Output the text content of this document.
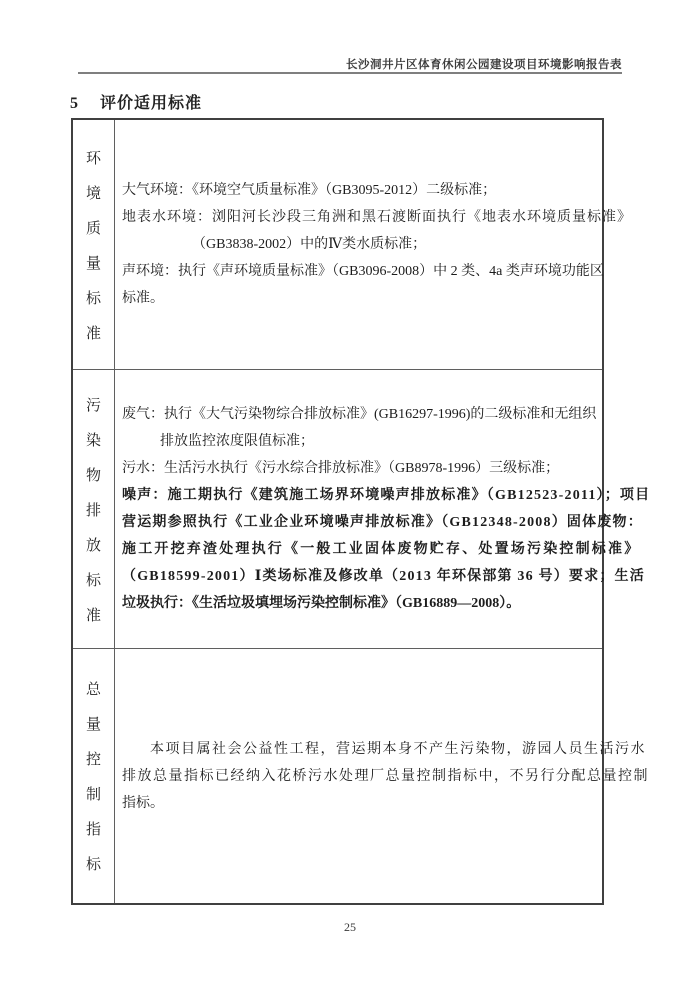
长沙洞井片区体育休闲公园建设项目环境影响报告表
5 评价适用标准
环
境
质
量
标
准
大气环境：《环境空气质量标准》（GB3095-2012）二级标准；
地表水环境：浏阳河长沙段三角洲和黑石渡断面执行《地表水环境质量标准》
（GB3838-2002）中的Ⅳ类水质标准；
声环境：执行《声环境质量标准》（GB3096-2008）中 2 类、4a 类声环境功能区
标准。
污
染
物
排
放
标
准
废气：执行《大气污染物综合排放标准》(GB16297-1996)的二级标准和无组织
排放监控浓度限值标准；
污水：生活污水执行《污水综合排放标准》（GB8978-1996）三级标准；
噪声：施工期执行《建筑施工场界环境噪声排放标准》（GB12523-2011）；项目
营运期参照执行《工业企业环境噪声排放标准》（GB12348-2008）固体废物：
施工开挖弃渣处理执行《一般工业固体废物贮存、处置场污染控制标准》
（GB18599-2001）Ⅰ类场标准及修改单（2013 年环保部第 36 号）要求；生活
垃圾执行：《生活垃圾填埋场污染控制标准》（GB16889—2008）。
总
量
控
制
指
标
本项目属社会公益性工程，营运期本身不产生污染物，游园人员生活污水
排放总量指标已经纳入花桥污水处理厂总量控制指标中，不另行分配总量控制
指标。
25
